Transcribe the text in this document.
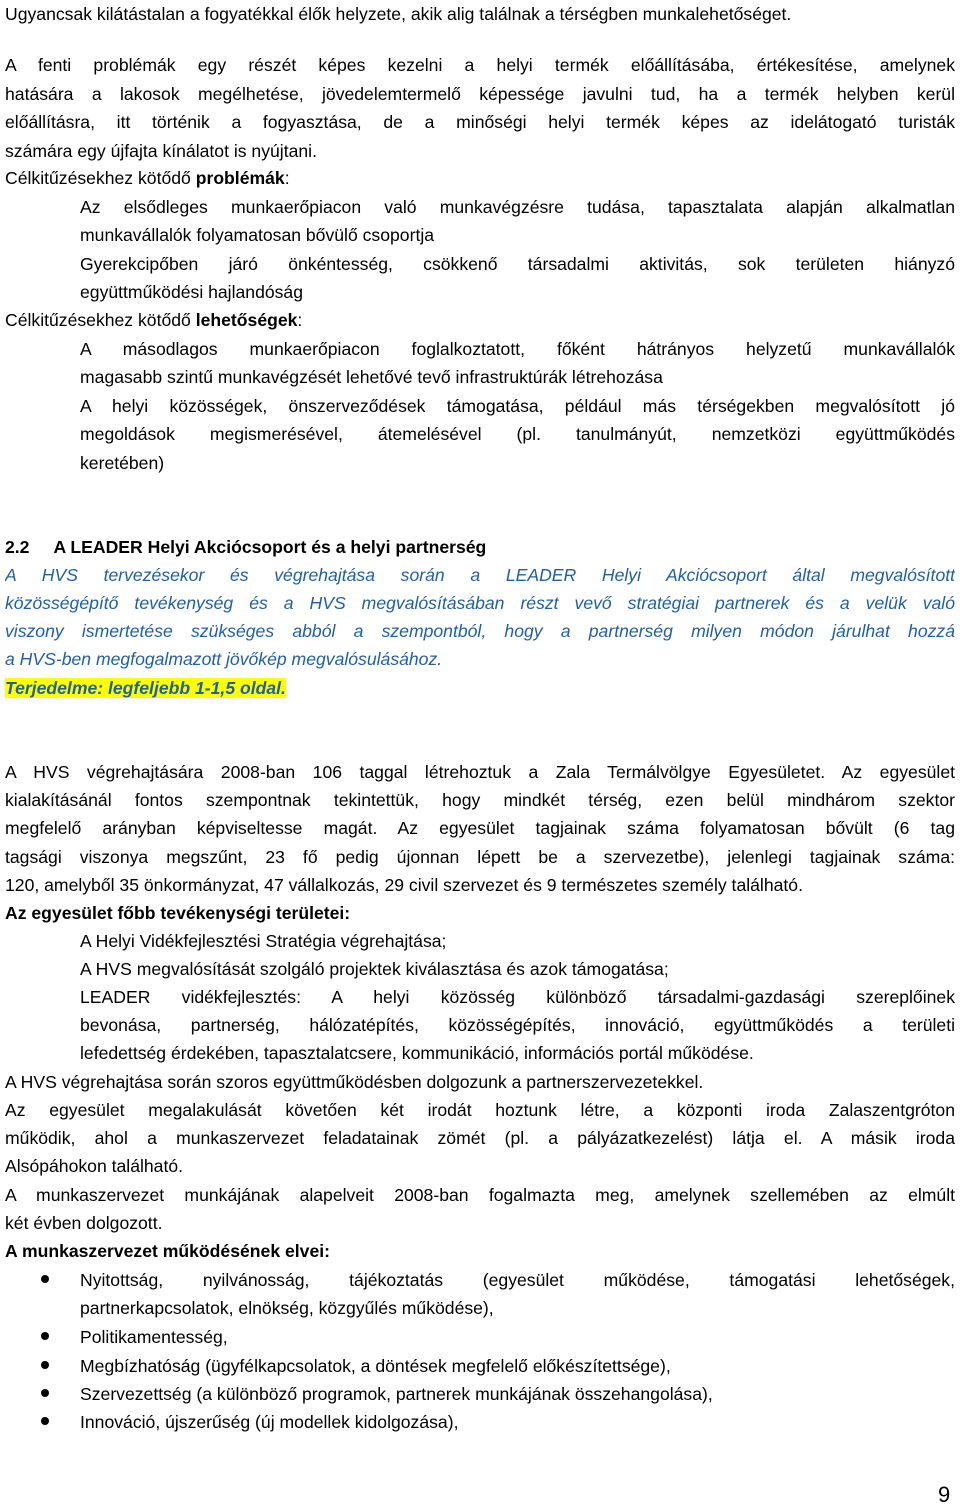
Ugyancsak kilátástalan a fogyatékkal élők helyzete, akik alig találnak a térségben munkalehetőséget.
A fenti problémák egy részét képes kezelni a helyi termék előállításába, értékesítése, amelynek
hatására a lakosok megélhetése, jövedelemtermelő képessége javulni tud, ha a termék helyben kerül
előállításra, itt történik a fogyasztása, de a minőségi helyi termék képes az idelátogató turisták
számára egy újfajta kínálatot is nyújtani.
Célkitűzésekhez kötődő problémák:
Az elsődleges munkaerőpiacon való munkavégzésre tudása, tapasztalata alapján alkalmatlan
munkavállalók folyamatosan bővülő csoportja
Gyerekcipőben járó önkéntesség, csökkenő társadalmi aktivitás, sok területen hiányzó
együttműködési hajlandóság
Célkitűzésekhez kötődő lehetőségek:
A másodlagos munkaerőpiacon foglalkoztatott, főként hátrányos helyzetű munkavállalók
magasabb szintű munkavégzését lehetővé tevő infrastruktúrák létrehozása
A helyi közösségek, önszerveződések támogatása, például más térségekben megvalósított jó
megoldások megismerésével, átemelésével (pl. tanulmányút, nemzetközi együttműködés
keretében)
2.2 A LEADER Helyi Akciócsoport és a helyi partnerség
A HVS tervezésekor és végrehajtása során a LEADER Helyi Akciócsoport által megvalósított
közösségépítő tevékenység és a HVS megvalósításában részt vevő stratégiai partnerek és a velük való
viszony ismertetése szükséges abból a szempontból, hogy a partnerség milyen módon járulhat hozzá
a HVS-ben megfogalmazott jövőkép megvalósulásához.
Terjedelme: legfeljebb 1-1,5 oldal.
A HVS végrehajtására 2008-ban 106 taggal létrehoztuk a Zala Termálvölgye Egyesületet. Az egyesület
kialakításánál fontos szempontnak tekintettük, hogy mindkét térség, ezen belül mindhárom szektor
megfelelő arányban képviseltesse magát. Az egyesület tagjainak száma folyamatosan bővült (6 tag
tagsági viszonya megszűnt, 23 fő pedig újonnan lépett be a szervezetbe), jelenlegi tagjainak száma:
120, amelyből 35 önkormányzat, 47 vállalkozás, 29 civil szervezet és 9 természetes személy található.
Az egyesület főbb tevékenységi területei:
A Helyi Vidékfejlesztési Stratégia végrehajtása;
A HVS megvalósítását szolgáló projektek kiválasztása és azok támogatása;
LEADER vidékfejlesztés: A helyi közösség különböző társadalmi-gazdasági szereplőinek
bevonása, partnerség, hálózatépítés, közösségépítés, innováció, együttműködés a területi
lefedettség érdekében, tapasztalatcsere, kommunikáció, információs portál működése.
A HVS végrehajtása során szoros együttműködésben dolgozunk a partnerszervezetekkel.
Az egyesület megalakulását követően két irodát hoztunk létre, a központi iroda Zalaszentgróton
működik, ahol a munkaszervezet feladatainak zömét (pl. a pályázatkezelést) látja el. A másik iroda
Alsópáhokon található.
A munkaszervezet munkájának alapelveit 2008-ban fogalmazta meg, amelynek szellemében az elmúlt
két évben dolgozott.
A munkaszervezet működésének elvei:
Nyitottság, nyilvánosság, tájékoztatás (egyesület működése, támogatási lehetőségek,
partnerkapcsolatok, elnökség, közgyűlés működése),
Politikamentesség,
Megbízhatóság (ügyfélkapcsolatok, a döntések megfelelő előkészítettsége),
Szervezettség (a különböző programok, partnerek munkájának összehangolása),
Innováció, újszerűség (új modellek kidolgozása),
9
